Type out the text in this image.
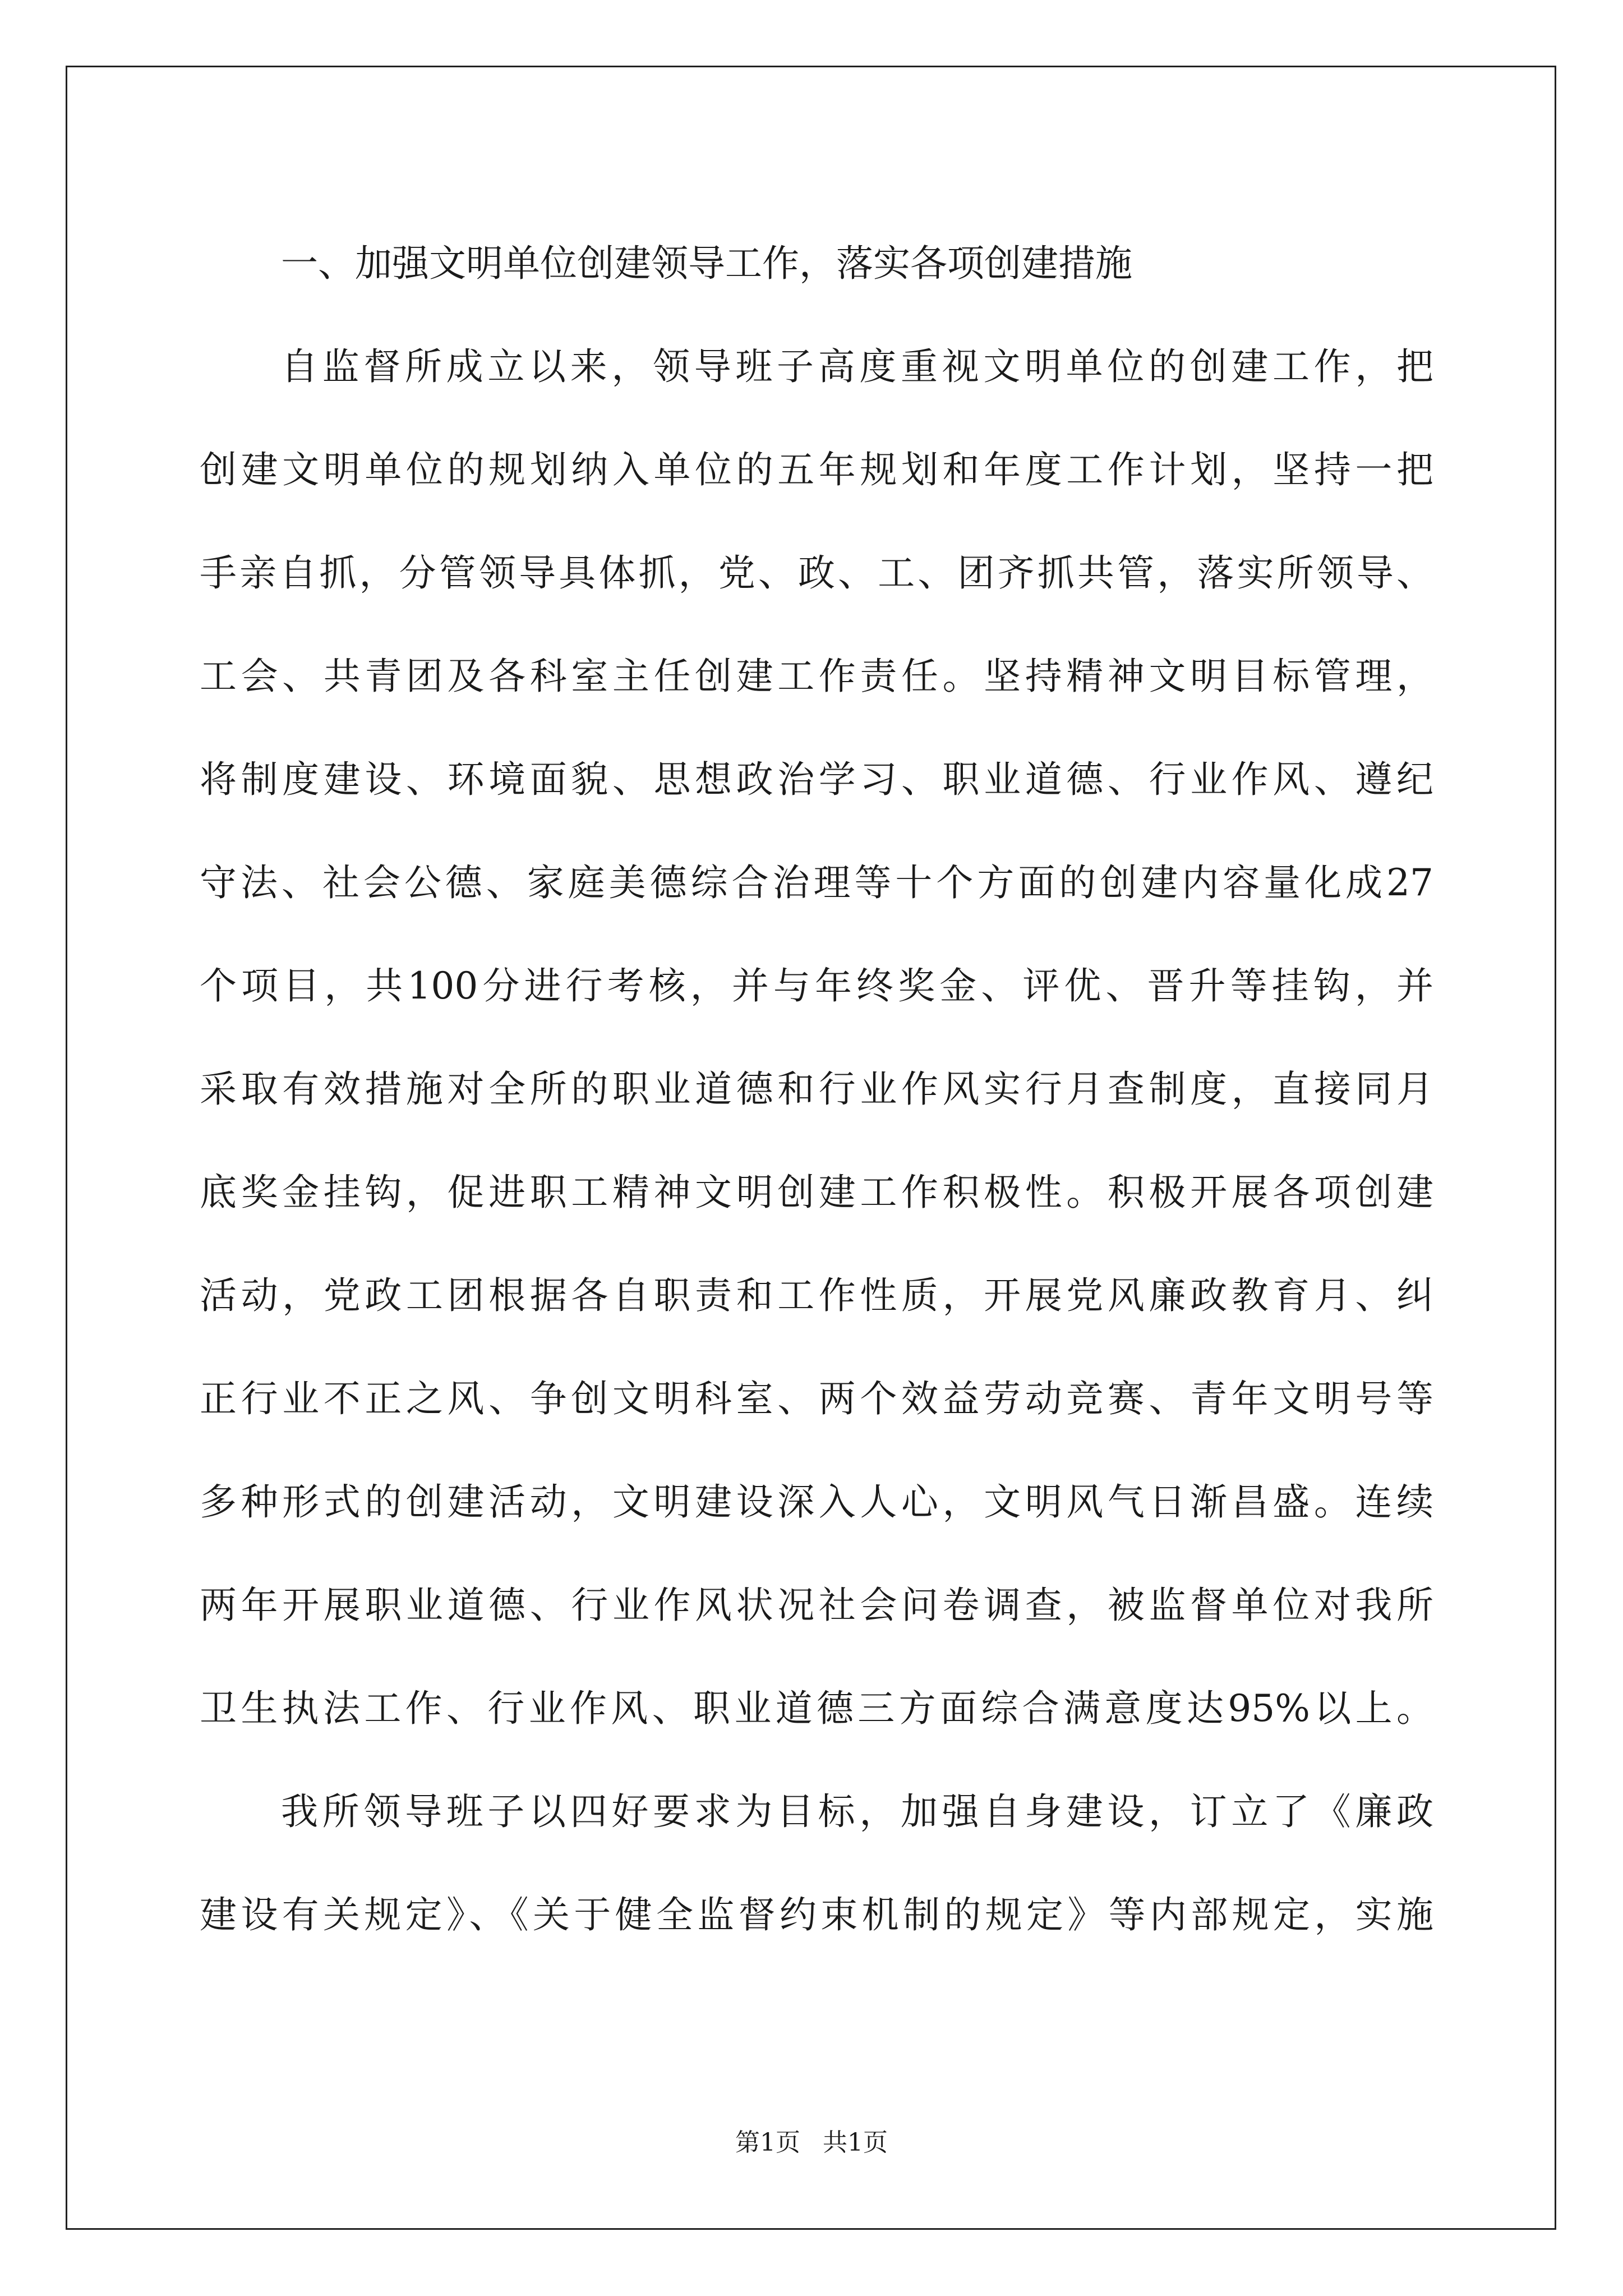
一、加强文明单位创建领导工作，落实各项创建措施
自监督所成立以来，领导班子高度重视文明单位的创建工作，把
创建文明单位的规划纳入单位的五年规划和年度工作计划，坚持一把
手亲自抓，分管领导具体抓，党、政、工、团齐抓共管，落实所领导、
工会、共青团及各科室主任创建工作责任。坚持精神文明目标管理，
将制度建设、环境面貌、思想政治学习、职业道德、行业作风、遵纪
守法、社会公德、家庭美德综合治理等十个方面的创建内容量化成27
个项目，共100分进行考核，并与年终奖金、评优、晋升等挂钩，并
采取有效措施对全所的职业道德和行业作风实行月查制度，直接同月
底奖金挂钩，促进职工精神文明创建工作积极性。积极开展各项创建
活动，党政工团根据各自职责和工作性质，开展党风廉政教育月、纠
正行业不正之风、争创文明科室、两个效益劳动竞赛、青年文明号等
多种形式的创建活动，文明建设深入人心，文明风气日渐昌盛。连续
两年开展职业道德、行业作风状况社会问卷调查，被监督单位对我所
卫生执法工作、行业作风、职业道德三方面综合满意度达95%以上。
我所领导班子以四好要求为目标，加强自身建设，订立了《廉政
建设有关规定》、《关于健全监督约束机制的规定》等内部规定，实施
第1页 共1页
